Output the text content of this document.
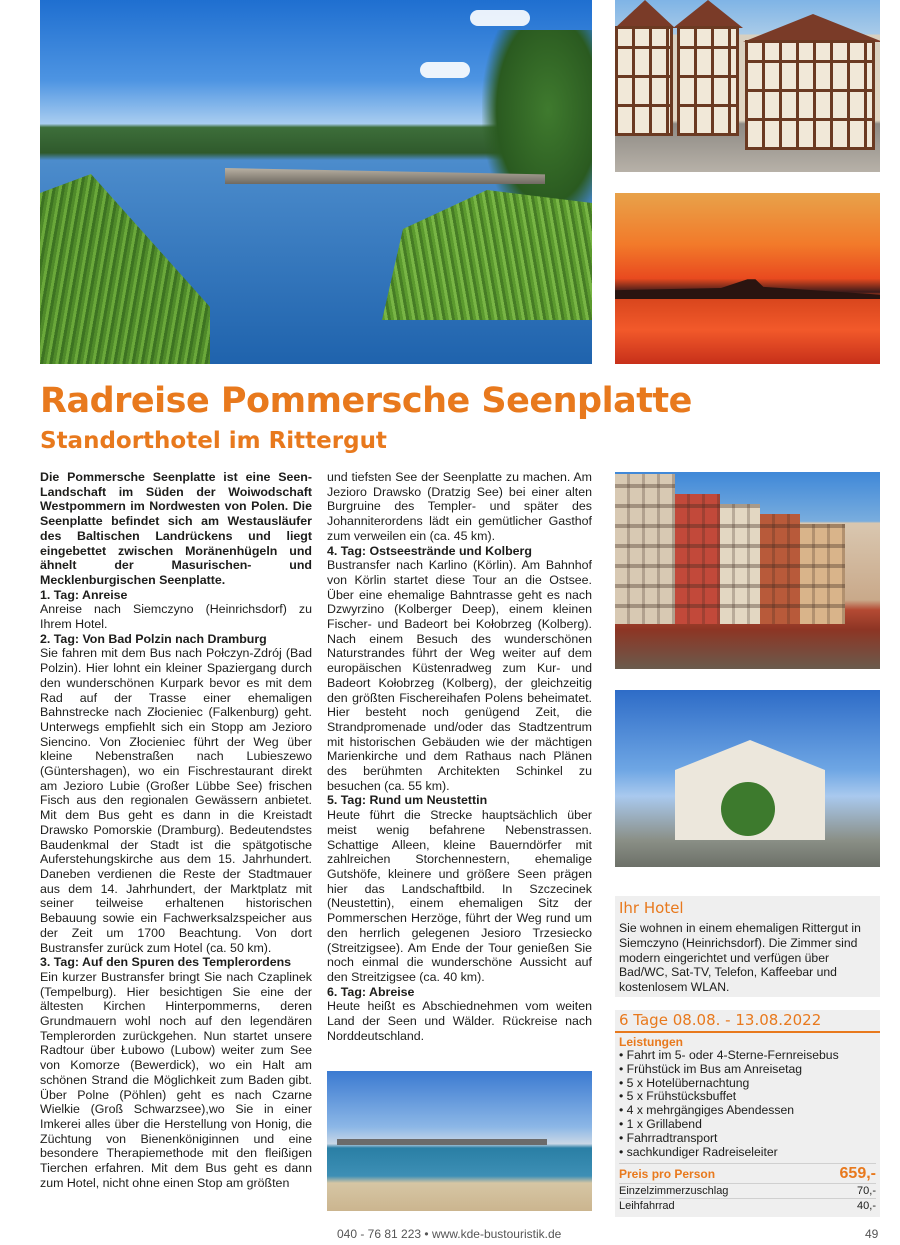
Radreise Pommersche Seenplatte
Standorthotel im Rittergut

Die Pommersche Seenplatte ist eine Seen-Landschaft im Süden der Woiwodschaft Westpommern im Nordwesten von Polen. Die Seenplatte befindet sich am Westausläufer des Baltischen Landrückens und liegt eingebettet zwischen Moränenhügeln und ähnelt der Masurischen- und Mecklenburgischen Seenplatte.

1. Tag: Anreise

Anreise nach Siemczyno (Heinrichsdorf) zu Ihrem Hotel.

2. Tag: Von Bad Polzin nach Dramburg

Sie fahren mit dem Bus nach Połczyn-Zdrój (Bad Polzin). Hier lohnt ein kleiner Spaziergang durch den wunderschönen Kurpark bevor es mit dem Rad auf der Trasse einer ehemaligen Bahnstrecke nach Złocieniec (Falkenburg) geht. Unterwegs empfiehlt sich ein Stopp am Jezioro Siencino. Von Złocieniec führt der Weg über kleine Nebenstraßen nach Lubieszewo (Güntershagen), wo ein Fischrestaurant direkt am Jezioro Lubie (Großer Lübbe See) frischen Fisch aus den regionalen Gewässern anbietet. Mit dem Bus geht es dann in die Kreistadt Drawsko Pomorskie (Dramburg). Bedeutendstes Baudenkmal der Stadt ist die spätgotische Auferstehungskirche aus dem 15. Jahrhundert. Daneben verdienen die Reste der Stadtmauer aus dem 14. Jahrhundert, der Marktplatz mit seiner teilweise erhaltenen historischen Bebauung sowie ein Fachwerksalzspeicher aus der Zeit um 1700 Beachtung. Von dort Bustransfer zurück zum Hotel (ca. 50 km).

3. Tag: Auf den Spuren des Templerordens

Ein kurzer Bustransfer bringt Sie nach Czaplinek (Tempelburg). Hier besichtigen Sie eine der ältesten Kirchen Hinterpommerns, deren Grundmauern wohl noch auf den legendären Templerorden zurückgehen. Nun startet unsere Radtour über Łubowo (Lubow) weiter zum See von Komorze (Bewerdick), wo ein Halt am schönen Strand die Möglichkeit zum Baden gibt. Über Polne (Pöhlen) geht es nach Czarne Wielkie (Groß Schwarzsee),wo Sie in einer Imkerei alles über die Herstellung von Honig, die Züchtung von Bienenköniginnen und eine besondere Therapiemethode mit den fleißigen Tierchen erfahren. Mit dem Bus geht es dann zum Hotel, nicht ohne einen Stop am größten

und tiefsten See der Seenplatte zu machen. Am Jezioro Drawsko (Dratzig See) bei einer alten Burgruine des Templer- und später des Johanniterordens lädt ein gemütlicher Gasthof zum verweilen ein (ca. 45 km).

4. Tag: Ostseestrände und Kolberg

Bustransfer nach Karlino (Körlin). Am Bahnhof von Körlin startet diese Tour an die Ostsee. Über eine ehemalige Bahntrasse geht es nach Dzwyrzino (Kolberger Deep), einem kleinen Fischer- und Badeort bei Kołobrzeg (Kolberg). Nach einem Besuch des wunderschönen Naturstrandes führt der Weg weiter auf dem europäischen Küstenradweg zum Kur- und Badeort Kołobrzeg (Kolberg), der gleichzeitig den größten Fischereihafen Polens beheimatet. Hier besteht noch genügend Zeit, die Strandpromenade und/oder das Stadtzentrum mit historischen Gebäuden wie der mächtigen Marienkirche und dem Rathaus nach Plänen des berühmten Architekten Schinkel zu besuchen (ca. 55 km).

5. Tag: Rund um Neustettin

Heute führt die Strecke hauptsächlich über meist wenig befahrene Nebenstrassen. Schattige Alleen, kleine Bauerndörfer mit zahlreichen Storchennestern, ehemalige Gutshöfe, kleinere und größere Seen prägen hier das Landschaftbild. In Szczecinek (Neustettin), einem ehemaligen Sitz der Pommerschen Herzöge, führt der Weg rund um den herrlich gelegenen Jesioro Trzesiecko (Streitzigsee). Am Ende der Tour genießen Sie noch einmal die wunderschöne Aussicht auf den Streitzigsee (ca. 40 km).

6. Tag: Abreise

Heute heißt es Abschiednehmen vom weiten Land der Seen und Wälder. Rückreise nach Norddeutschland.

Ihr Hotel

Sie wohnen in einem ehemaligen Rittergut in Siemczyno (Heinrichsdorf). Die Zimmer sind modern eingerichtet und verfügen über Bad/WC, Sat-TV, Telefon, Kaffeebar und kostenlosem WLAN.

6 Tage 08.08. - 13.08.2022
Leistungen
• Fahrt im 5- oder 4-Sterne-Fernreisebus
• Frühstück im Bus am Anreisetag
• 5 x Hotelübernachtung
• 5 x Frühstücksbuffet
• 4 x mehrgängiges Abendessen
• 1 x Grillabend
• Fahrradtransport
• sachkundiger Radreiseleiter
Preis pro Person	659,-
Einzelzimmerzuschlag	70,-
Leihfahrrad	40,-
040 - 76 81 223 • www.kde-bustouristik.de	49
